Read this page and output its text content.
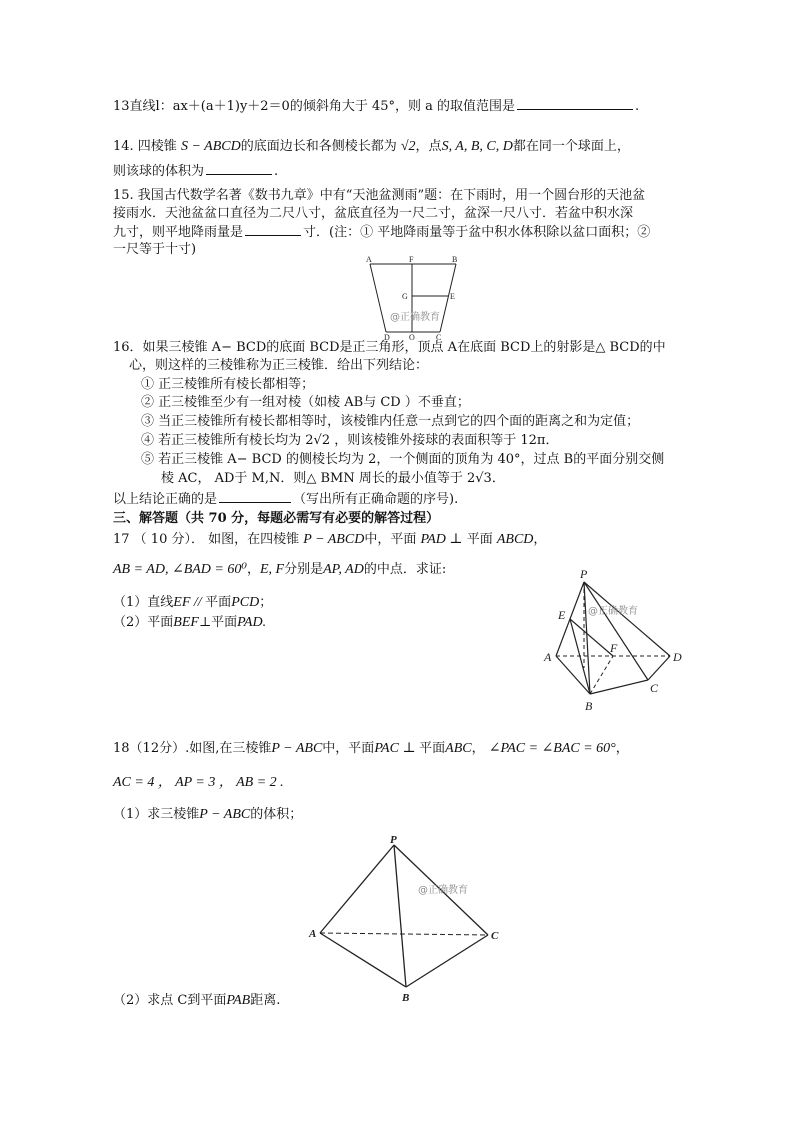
13直线l：ax＋(a＋1)y＋2＝0的倾斜角大于 45°，则 a 的取值范围是	.
14. 四棱锥 S − ABCD的底面边长和各侧棱长都为 √2，点S, A, B, C, D都在同一个球面上，
则该球的体积为	.
15. 我国古代数学名著《数书九章》中有“天池盆测雨”题：在下雨时，用一个圆台形的天池盆
接雨水．天池盆盆口直径为二尺八寸，盆底直径为一尺二寸，盆深一尺八寸．若盆中积水深
九寸，则平地降雨量是	寸．(注：① 平地降雨量等于盆中积水体积除以盆口面积；②
一尺等于十寸)
A	F	B
G	E
D O	C
@正确教育
16．如果三棱锥 A− BCD的底面 BCD是正三角形，顶点 A在底面 BCD上的射影是△ BCD的中
心，则这样的三棱锥称为正三棱锥．给出下列结论：
① 正三棱锥所有棱长都相等；
② 正三棱锥至少有一组对棱（如棱 AB与 CD ）不垂直；
③ 当正三棱锥所有棱长都相等时，该棱锥内任意一点到它的四个面的距离之和为定值；
④ 若正三棱锥所有棱长均为 2√2 ，则该棱锥外接球的表面积等于 12π．
⑤ 若正三棱锥 A− BCD 的侧棱长均为 2，一个侧面的顶角为 40°，过点 B的平面分别交侧
棱 AC， AD于 M,N．则△ BMN 周长的最小值等于 2√3．
以上结论正确的是	（写出所有正确命题的序号).
三、解答题（共 70 分，每题必需写有必要的解答过程）
17 （ 10 分）． 如图，在四棱锥 P − ABCD中，平面 PAD ⊥ 平面 ABCD，
AB = AD, ∠BAD = 60⁰，E, F分别是AP, AD的中点．求证:
（1）直线EF // 平面PCD；
（2）平面BEF⊥平面PAD.
P
E
A
F
D
C
B
@正确教育
18（12分）.如图,在三棱锥P − ABC中，平面PAC ⊥ 平面ABC， ∠PAC = ∠BAC = 60°，
AC = 4 ， AP = 3 ， AB = 2 .
（1）求三棱锥P − ABC的体积；
P
A	C
B
@正确教育
（2）求点 C到平面PAB距离.
